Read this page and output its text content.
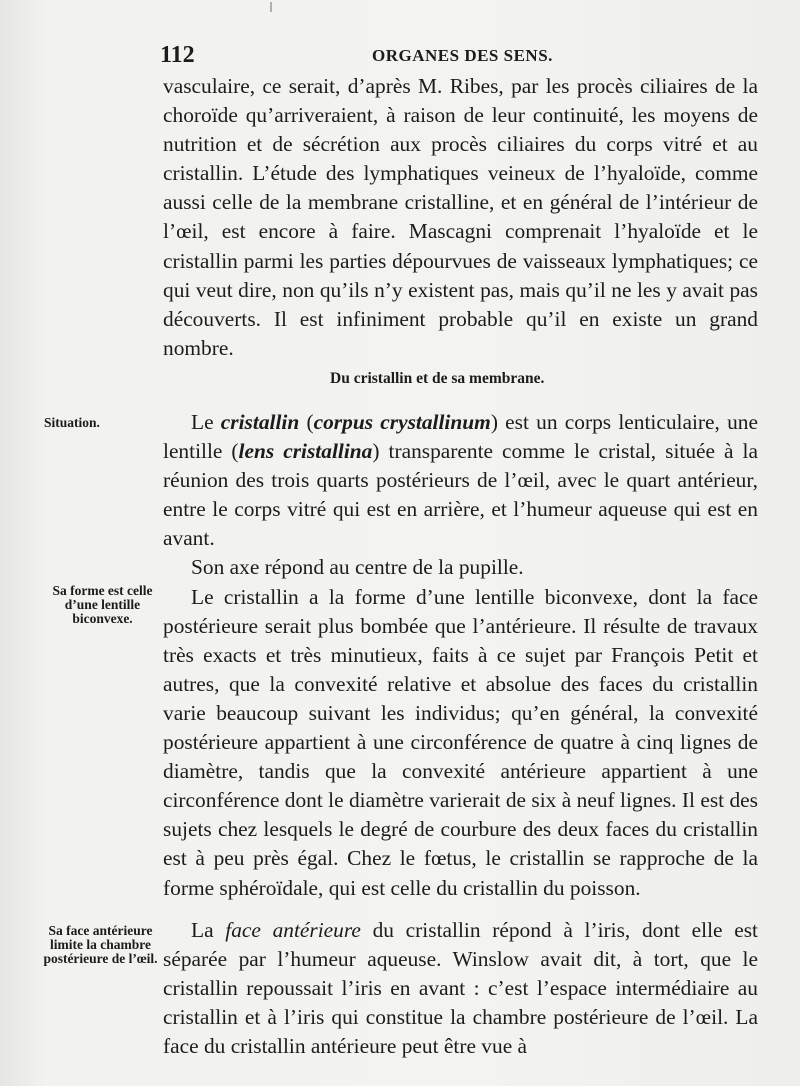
112	ORGANES DES SENS.

vasculaire, ce serait, d’après M. Ribes, par les procès ciliaires de la choroïde qu’arriveraient, à raison de leur continuité, les moyens de nutrition et de sécrétion aux procès ciliaires du corps vitré et au cristallin. L’étude des lymphatiques veineux de l’hyaloïde, comme aussi celle de la membrane cristalline, et en général de l’intérieur de l’œil, est encore à faire. Mascagni comprenait l’hyaloïde et le cristallin parmi les parties dépourvues de vaisseaux lymphatiques; ce qui veut dire, non qu’ils n’y existent pas, mais qu’il ne les y avait pas découverts. Il est infiniment probable qu’il en existe un grand nombre.

Du cristallin et de sa membrane.
Situation.
Sa forme est celle d’une lentille biconvexe.
Sa face antérieure limite la chambre postérieure de l’œil.

Le cristallin (corpus crystallinum) est un corps lenticulaire, une lentille (lens cristallina) transparente comme le cristal, située à la réunion des trois quarts postérieurs de l’œil, avec le quart antérieur, entre le corps vitré qui est en arrière, et l’humeur aqueuse qui est en avant.

Son axe répond au centre de la pupille.

Le cristallin a la forme d’une lentille biconvexe, dont la face postérieure serait plus bombée que l’antérieure. Il résulte de travaux très exacts et très minutieux, faits à ce sujet par François Petit et autres, que la convexité relative et absolue des faces du cristallin varie beaucoup suivant les individus; qu’en général, la convexité postérieure appartient à une circonférence de quatre à cinq lignes de diamètre, tandis que la convexité antérieure appartient à une circonférence dont le diamètre varierait de six à neuf lignes. Il est des sujets chez lesquels le degré de courbure des deux faces du cristallin est à peu près égal. Chez le fœtus, le cristallin se rapproche de la forme sphéroïdale, qui est celle du cristallin du poisson.

La face antérieure du cristallin répond à l’iris, dont elle est séparée par l’humeur aqueuse. Winslow avait dit, à tort, que le cristallin repoussait l’iris en avant : c’est l’espace intermédiaire au cristallin et à l’iris qui constitue la chambre postérieure de l’œil. La face du cristallin antérieure peut être vue à
